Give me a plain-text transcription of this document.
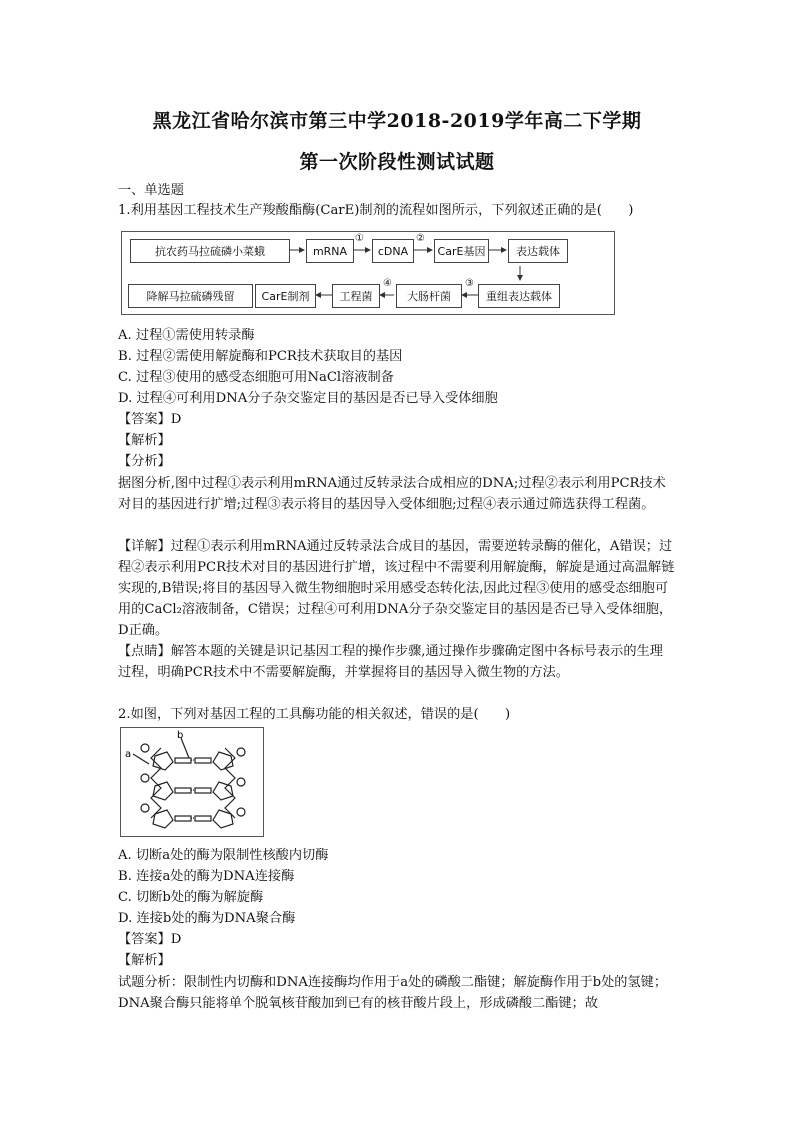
黑龙江省哈尔滨市第三中学2018-2019学年高二下学期
第一次阶段性测试试题
一、单选题
1.利用基因工程技术生产羧酸酯酶(CarE)制剂的流程如图所示，下列叙述正确的是(　　)
抗农药马拉硫磷小菜蛾	mRNA	cDNA	CarE基因	表达载体
降解马拉硫磷残留	CarE制剂	工程菌	大肠杆菌	重组表达载体
①	②
③
④
A. 过程①需使用转录酶
B. 过程②需使用解旋酶和PCR技术获取目的基因
C. 过程③使用的感受态细胞可用NaCl溶液制备
D. 过程④可利用DNA分子杂交鉴定目的基因是否已导入受体细胞
【答案】D
【解析】
【分析】
据图分析,图中过程①表示利用mRNA通过反转录法合成相应的DNA;过程②表示利用PCR技术对目的基因进行扩增;过程③表示将目的基因导入受体细胞;过程④表示通过筛选获得工程菌。
【详解】过程①表示利用mRNA通过反转录法合成目的基因，需要逆转录酶的催化，A错误；过程②表示利用PCR技术对目的基因进行扩增，该过程中不需要利用解旋酶，解旋是通过高温解链实现的,B错误;将目的基因导入微生物细胞时采用感受态转化法,因此过程③使用的感受态细胞可用的CaCl₂溶液制备，C错误；过程④可利用DNA分子杂交鉴定目的基因是否已导入受体细胞，D正确。
【点睛】解答本题的关键是识记基因工程的操作步骤,通过操作步骤确定图中各标号表示的生理过程，明确PCR技术中不需要解旋酶，并掌握将目的基因导入微生物的方法。
2.如图，下列对基因工程的工具酶功能的相关叙述，错误的是(　　)
a
b
A. 切断a处的酶为限制性核酸内切酶
B. 连接a处的酶为DNA连接酶
C. 切断b处的酶为解旋酶
D. 连接b处的酶为DNA聚合酶
【答案】D
【解析】
试题分析：限制性内切酶和DNA连接酶均作用于a处的磷酸二酯键；解旋酶作用于b处的氢键；DNA聚合酶只能将单个脱氧核苷酸加到已有的核苷酸片段上，形成磷酸二酯键；故
